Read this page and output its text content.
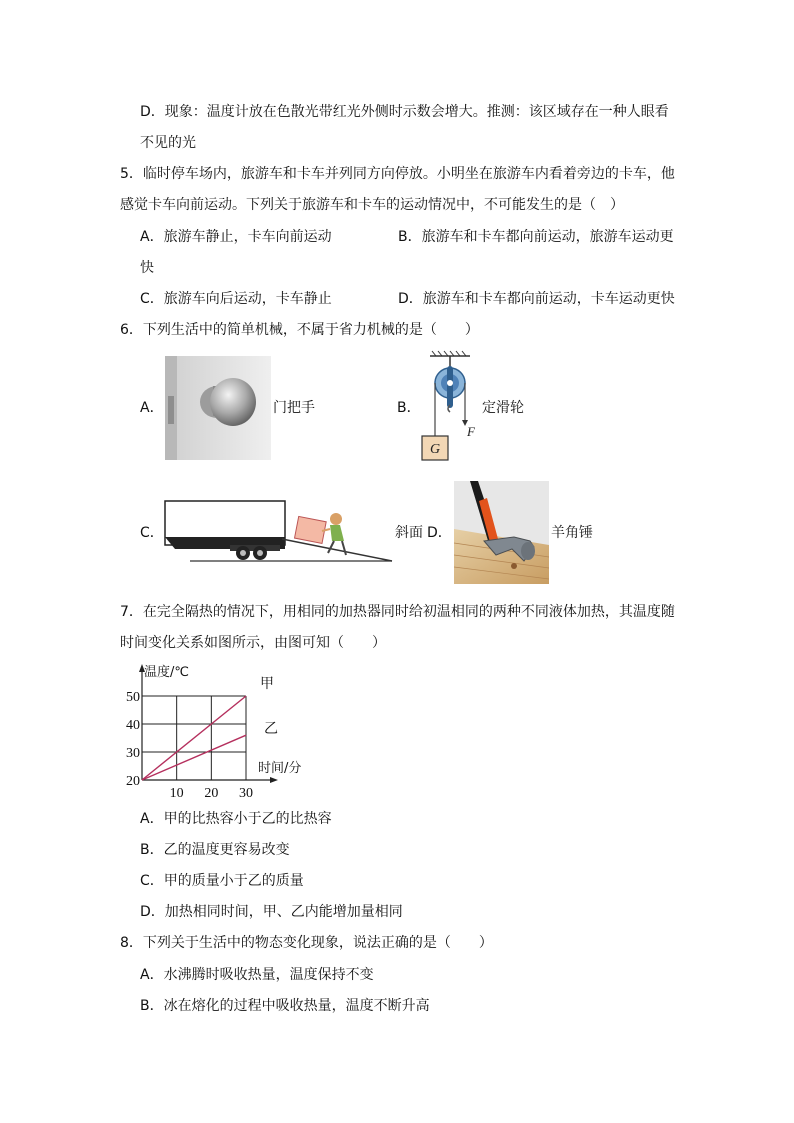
D．现象：温度计放在色散光带红光外侧时示数会增大。推测：该区域存在一种人眼看
不见的光
5．临时停车场内，旅游车和卡车并列同方向停放。小明坐在旅游车内看着旁边的卡车，他
感觉卡车向前运动。下列关于旅游车和卡车的运动情况中，不可能发生的是（　）
A．旅游车静止，卡车向前运动	B．旅游车和卡车都向前运动，旅游车运动更
快
C．旅游车向后运动，卡车静止	D．旅游车和卡车都向前运动，卡车运动更快
6．下列生活中的简单机械，不属于省力机械的是（　　）
A．	门把手	B．
G
F
定滑轮
C．	斜面 D．	羊角锤
7．在完全隔热的情况下，用相同的加热器同时给初温相同的两种不同液体加热，其温度随
时间变化关系如图所示，由图可知（　　）
甲
乙
20
30
40
50
10 20 30
温度/℃
时间/分
A．甲的比热容小于乙的比热容
B．乙的温度更容易改变
C．甲的质量小于乙的质量
D．加热相同时间，甲、乙内能增加量相同
8．下列关于生活中的物态变化现象，说法正确的是（　　）
A．水沸腾时吸收热量，温度保持不变
B．冰在熔化的过程中吸收热量，温度不断升高
